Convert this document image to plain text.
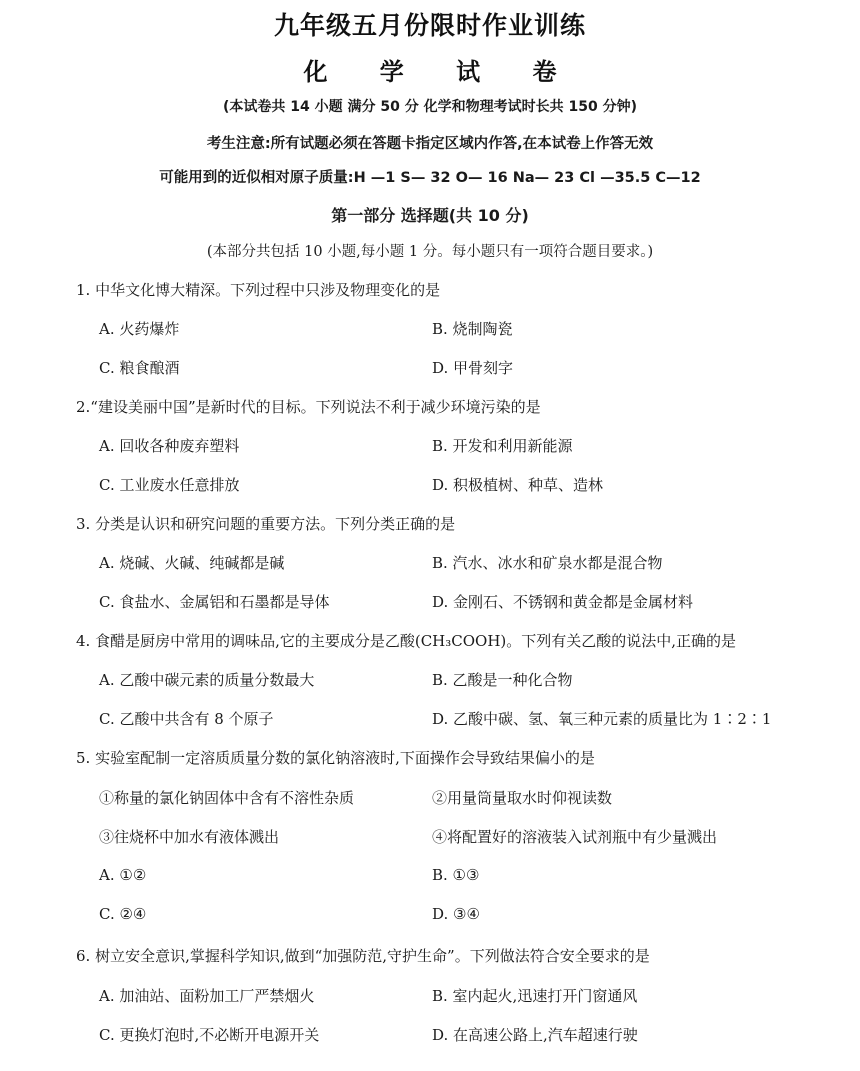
九年级五月份限时作业训练
化 学 试 卷
(本试卷共 14 小题 满分 50 分 化学和物理考试时长共 150 分钟)
考生注意:所有试题必须在答题卡指定区域内作答,在本试卷上作答无效
可能用到的近似相对原子质量:H —1 S— 32 O— 16 Na— 23 Cl —35.5 C—12
第一部分 选择题(共 10 分)
(本部分共包括 10 小题,每小题 1 分。每小题只有一项符合题目要求。)
1. 中华文化博大精深。下列过程中只涉及物理变化的是
A. 火药爆炸	B. 烧制陶瓷
C. 粮食酿酒	D. 甲骨刻字
2.“建设美丽中国”是新时代的目标。下列说法不利于减少环境污染的是
A. 回收各种废弃塑料	B. 开发和利用新能源
C. 工业废水任意排放	D. 积极植树、种草、造林
3. 分类是认识和研究问题的重要方法。下列分类正确的是
A. 烧碱、火碱、纯碱都是碱	B. 汽水、冰水和矿泉水都是混合物
C. 食盐水、金属铝和石墨都是导体	D. 金刚石、不锈钢和黄金都是金属材料
4. 食醋是厨房中常用的调味品,它的主要成分是乙酸(CH₃COOH)。下列有关乙酸的说法中,正确的是
A. 乙酸中碳元素的质量分数最大	B. 乙酸是一种化合物
C. 乙酸中共含有 8 个原子	D. 乙酸中碳、氢、氧三种元素的质量比为 1∶2∶1
5. 实验室配制一定溶质质量分数的氯化钠溶液时,下面操作会导致结果偏小的是
①称量的氯化钠固体中含有不溶性杂质	②用量筒量取水时仰视读数
③往烧杯中加水有液体溅出	④将配置好的溶液装入试剂瓶中有少量溅出
A. ①②	B. ①③
C. ②④	D. ③④
6. 树立安全意识,掌握科学知识,做到“加强防范,守护生命”。下列做法符合安全要求的是
A. 加油站、面粉加工厂严禁烟火	B. 室内起火,迅速打开门窗通风
C. 更换灯泡时,不必断开电源开关	D. 在高速公路上,汽车超速行驶
